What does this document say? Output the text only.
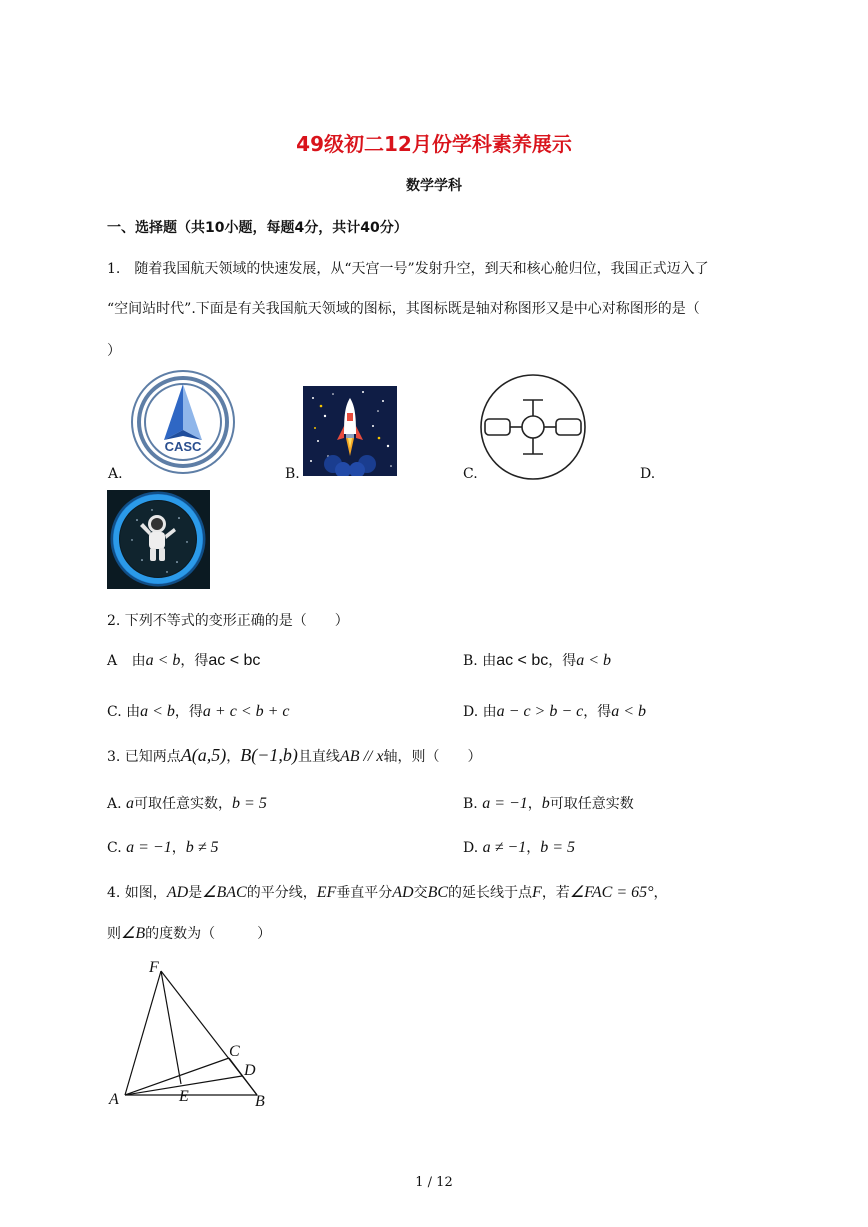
49级初二12月份学科素养展示
数学学科
一、选择题（共10小题，每题4分，共计40分）
1.　随着我国航天领域的快速发展，从“天宫一号”发射升空，到天和核心舱归位，我国正式迈入了
“空间站时代”.下面是有关我国航天领域的图标，其图标既是轴对称图形又是中心对称图形的是（
）
CASC
A.	B.	C.	D.
2. 下列不等式的变形正确的是（　　）
A 由a < b，得ac < bc	B. 由ac < bc，得a < b
C. 由a < b，得a + c < b + c	D. 由a − c > b − c，得a < b
3. 已知两点A(a,5)，B(−1,b)且直线AB // x轴，则（　　）
A. a可取任意实数，b = 5	B. a = −1，b可取任意实数
C. a = −1，b ≠ 5	D. a ≠ −1，b = 5
4. 如图，AD是∠BAC的平分线，EF垂直平分AD交BC的延长线于点F，若∠FAC = 65°，
则∠B的度数为（　　　）
F
A	B
C
D
E
1 / 12
